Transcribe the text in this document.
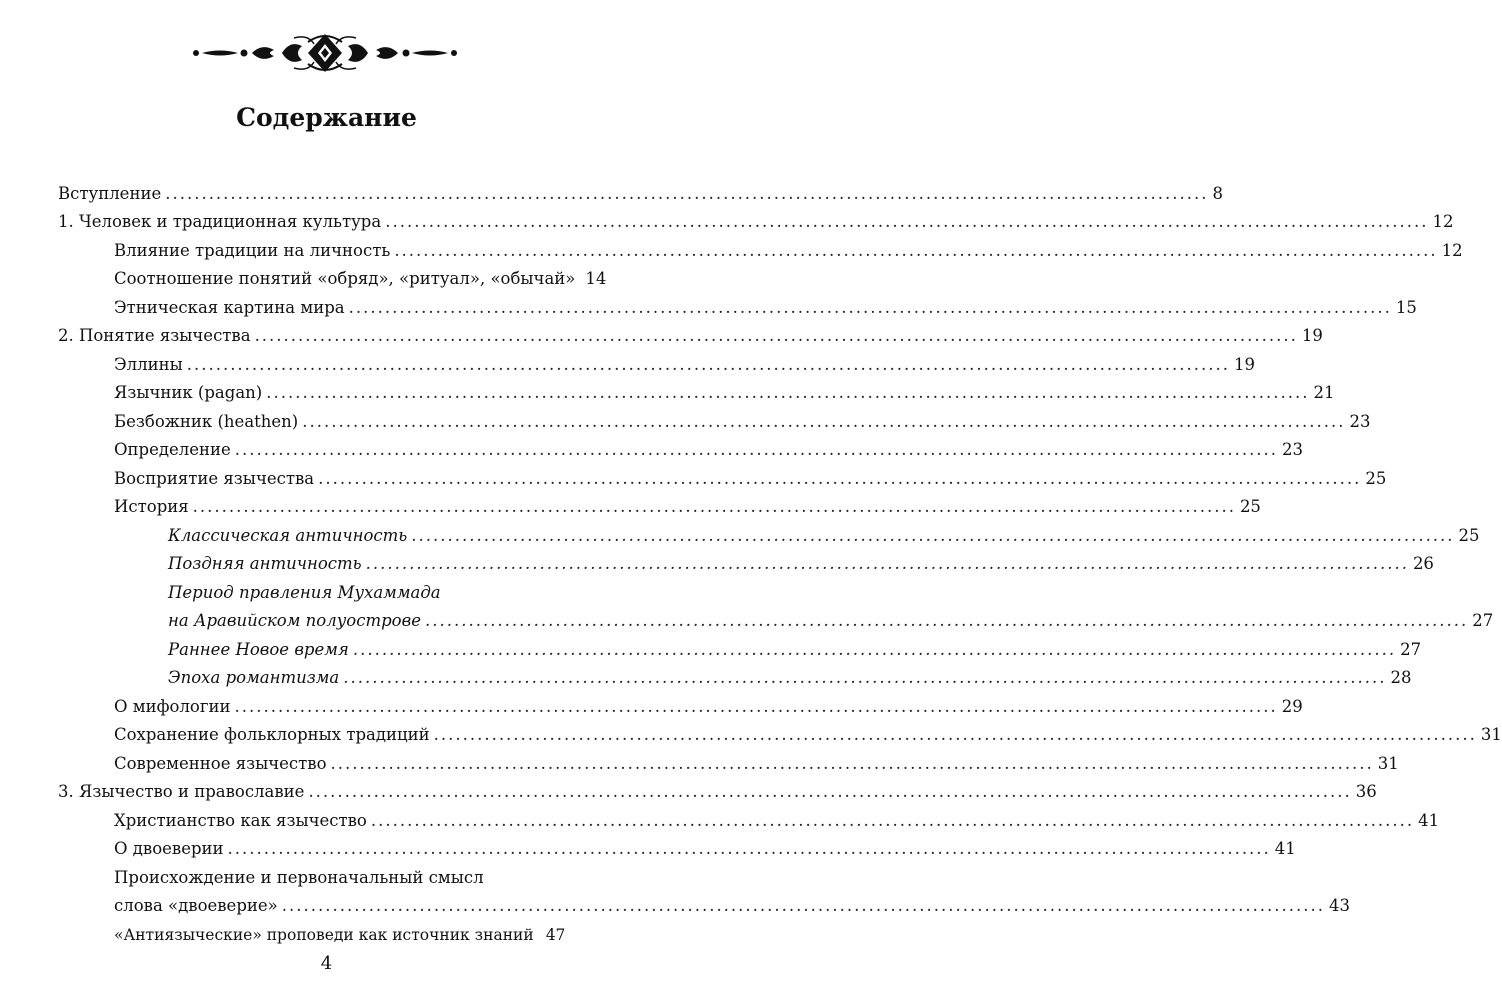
Содержание
Вступление ................................................................................................................................................ 8
1. Человек и традиционная культура ................................................................................................................................................ 12
Влияние традиции на личность ................................................................................................................................................ 12
Соотношение понятий «обряд», «ритуал», «обычай» 14
Этническая картина мира ................................................................................................................................................ 15
2. Понятие язычества ................................................................................................................................................ 19
Эллины ................................................................................................................................................ 19
Язычник (pagan) ................................................................................................................................................ 21
Безбожник (heathen) ................................................................................................................................................ 23
Определение ................................................................................................................................................ 23
Восприятие язычества ................................................................................................................................................ 25
История ................................................................................................................................................ 25
Классическая античность ................................................................................................................................................ 25
Поздняя античность ................................................................................................................................................ 26
Период правления Мухаммада
на Аравийском полуострове ................................................................................................................................................ 27
Раннее Новое время ................................................................................................................................................ 27
Эпоха романтизма ................................................................................................................................................ 28
О мифологии ................................................................................................................................................ 29
Сохранение фольклорных традиций ................................................................................................................................................ 31
Современное язычество ................................................................................................................................................ 31
3. Язычество и православие ................................................................................................................................................ 36
Христианство как язычество ................................................................................................................................................ 41
О двоеверии ................................................................................................................................................ 41
Происхождение и первоначальный смысл
слова «двоеверие» ................................................................................................................................................ 43
«Антиязыческие» проповеди как источник знаний 47
4
